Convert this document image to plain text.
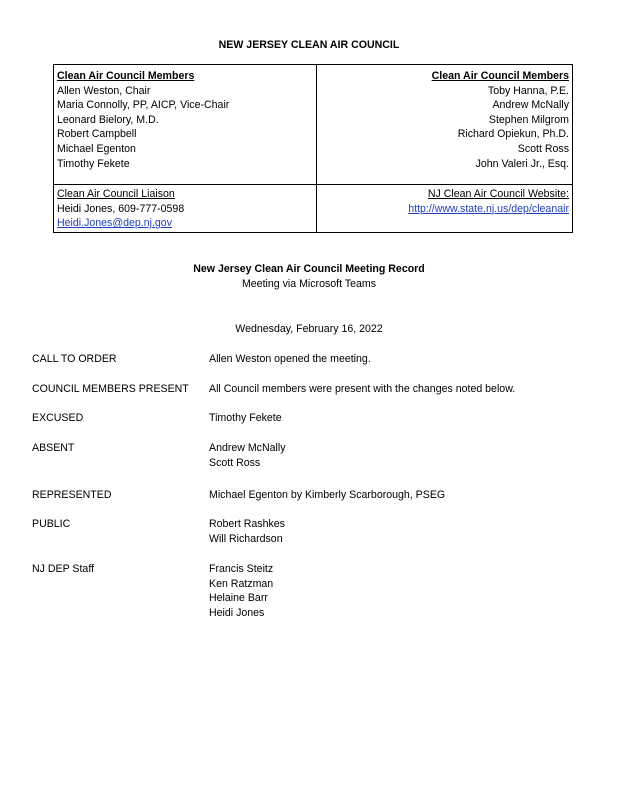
NEW JERSEY CLEAN AIR COUNCIL
Clean Air Council Members
Allen Weston, Chair
Maria Connolly, PP, AICP, Vice-Chair
Leonard Bielory, M.D.
Robert Campbell
Michael Egenton
Timothy Fekete
Clean Air Council Members
Toby Hanna, P.E.
Andrew McNally
Stephen Milgrom
Richard Opiekun, Ph.D.
Scott Ross
John Valeri Jr., Esq.
Clean Air Council Liaison
Heidi Jones, 609-777-0598
Heidi.Jones@dep.nj.gov
NJ Clean Air Council Website:
http://www.state.nj.us/dep/cleanair
New Jersey Clean Air Council Meeting Record
Meeting via Microsoft Teams
Wednesday, February 16, 2022
CALL TO ORDER	Allen Weston opened the meeting.
COUNCIL MEMBERS PRESENT All Council members were present with the changes noted below.
EXCUSED	Timothy Fekete
ABSENT	Andrew McNally
Scott Ross
REPRESENTED	Michael Egenton by Kimberly Scarborough, PSEG
PUBLIC	Robert Rashkes
Will Richardson
NJ DEP Staff	Francis Steitz
Ken Ratzman
Helaine Barr
Heidi Jones
